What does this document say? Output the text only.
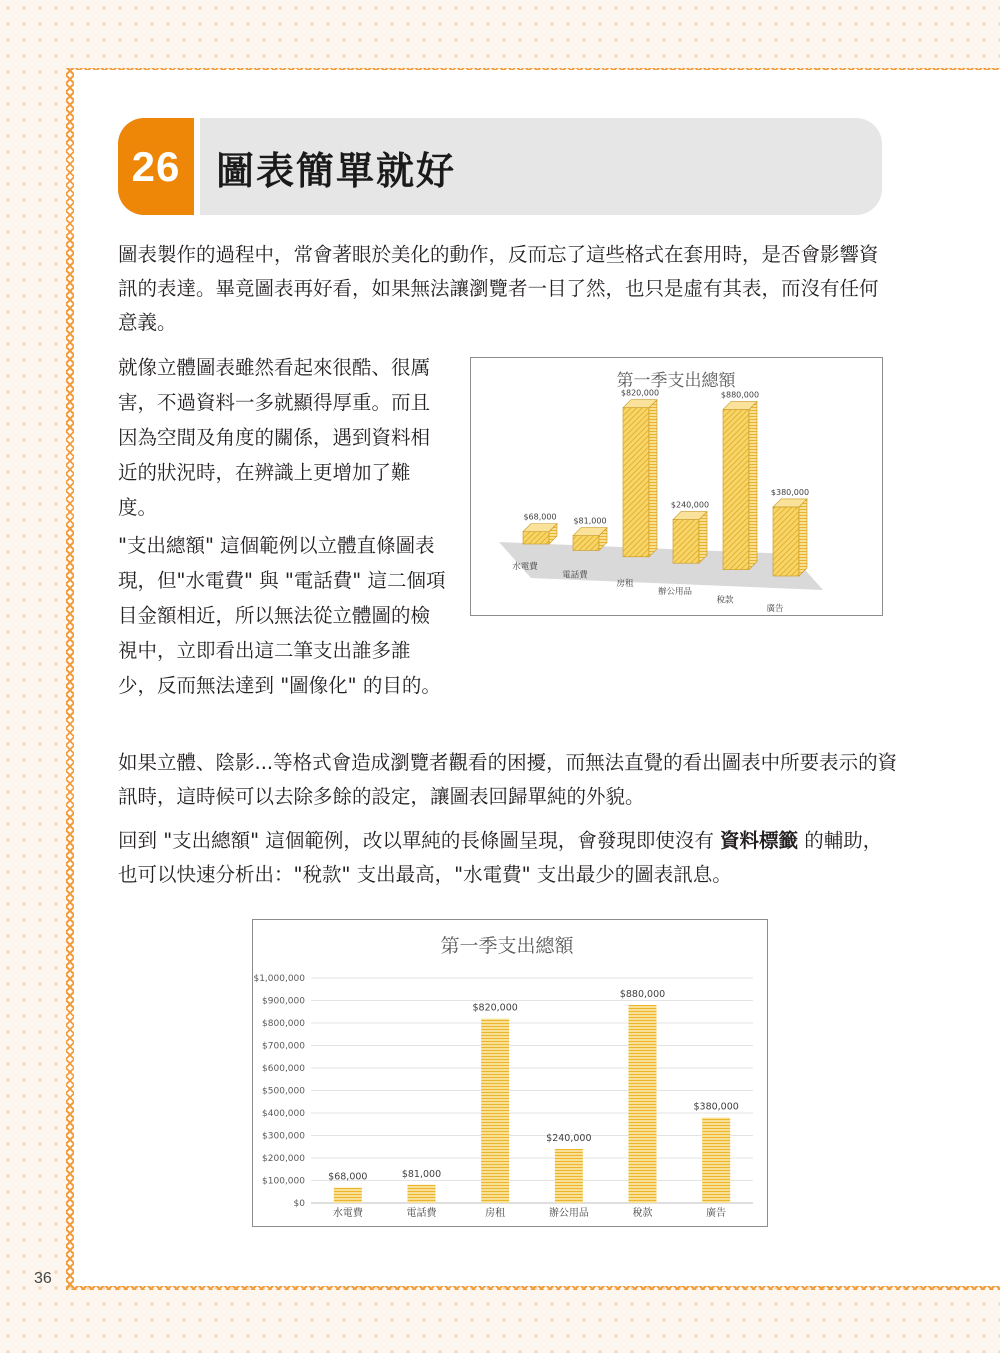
36
26 圖表簡單就好

圖表製作的過程中，常會著眼於美化的動作，反而忘了這些格式在套用時，是否會影響資訊的表達。畢竟圖表再好看，如果無法讓瀏覽者一目了然，也只是虛有其表，而沒有任何意義。

就像立體圖表雖然看起來很酷、很厲害，不過資料一多就顯得厚重。而且因為空間及角度的關係，遇到資料相近的狀況時，在辨識上更增加了難度。

"支出總額" 這個範例以立體直條圖表現，但"水電費" 與 "電話費" 這二個項目金額相近，所以無法從立體圖的檢視中，立即看出這二筆支出誰多誰少，反而無法達到 "圖像化" 的目的。

如果立體、陰影...等格式會造成瀏覽者觀看的困擾，而無法直覺的看出圖表中所要表示的資訊時，這時候可以去除多餘的設定，讓圖表回歸單純的外貌。

回到 "支出總額" 這個範例，改以單純的長條圖呈現，會發現即使沒有 資料標籤 的輔助，也可以快速分析出："稅款" 支出最高，"水電費" 支出最少的圖表訊息。

第一季支出總額
$68,000 $81,000
$820,000
$240,000
$880,000
$380,000
水電費
電話費
房租
辦公用品
稅款
廣告
第一季支出總額
$0
$100,000
$200,000
$300,000
$400,000
$500,000
$600,000
$700,000
$800,000
$900,000
$1,000,000
$68,000	$81,000
$820,000
$240,000
$880,000
$380,000
水電費	電話費	房租	辦公用品	稅款	廣告
